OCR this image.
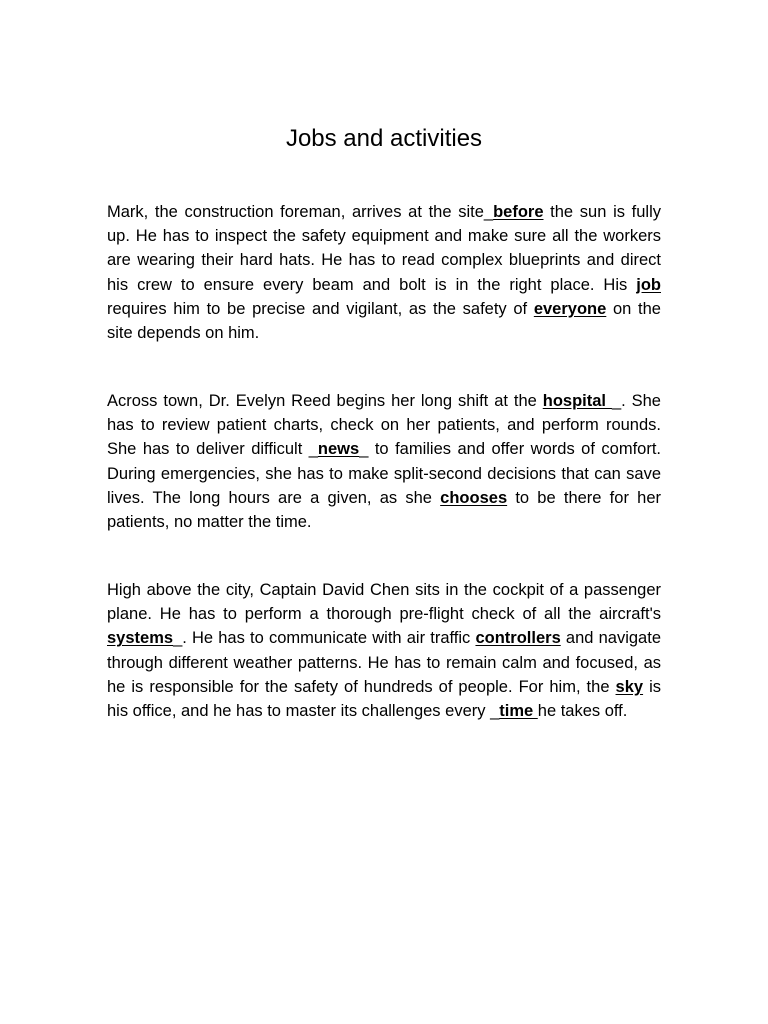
Jobs and activities

Mark, the construction foreman, arrives at the site_before the sun is fully up. He has to inspect the safety equipment and make sure all the workers are wearing their hard hats. He has to read complex blueprints and direct his crew to ensure every beam and bolt is in the right place. His job requires him to be precise and vigilant, as the safety of everyone on the site depends on him.

Across town, Dr. Evelyn Reed begins her long shift at the hospital _. She has to review patient charts, check on her patients, and perform rounds. She has to deliver difficult _news_ to families and offer words of comfort. During emergencies, she has to make split-second decisions that can save lives. The long hours are a given, as she chooses to be there for her patients, no matter the time.

High above the city, Captain David Chen sits in the cockpit of a passenger plane. He has to perform a thorough pre-flight check of all the aircraft's systems_. He has to communicate with air traffic controllers and navigate through different weather patterns. He has to remain calm and focused, as he is responsible for the safety of hundreds of people. For him, the sky is his office, and he has to master its challenges every _time he takes off.
